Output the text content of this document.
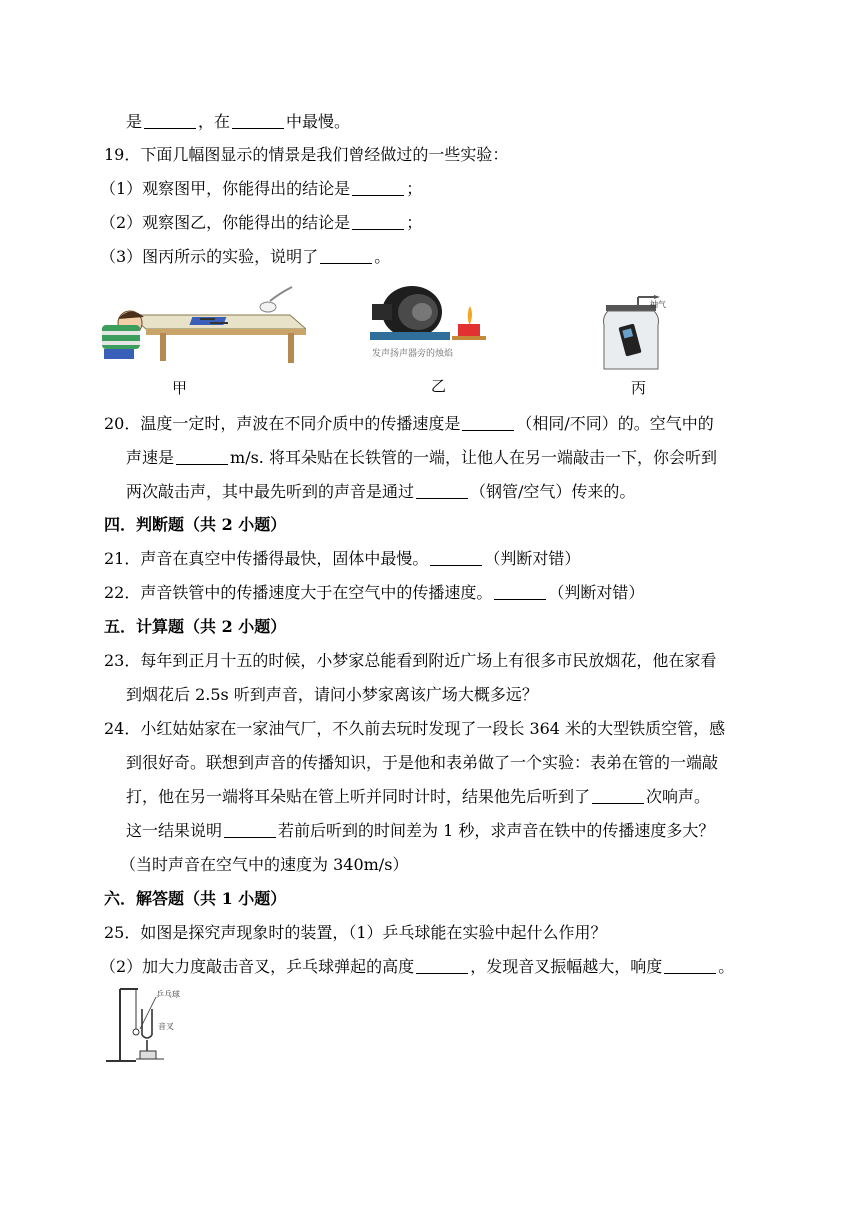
是	，在	中最慢。
19．下面几幅图显示的情景是我们曾经做过的一些实验：
（1）观察图甲，你能得出的结论是	；
（2）观察图乙，你能得出的结论是	；
（3）图丙所示的实验，说明了	。
甲
发声扬声器旁的烛焰
乙
抽气
丙
20．温度一定时，声波在不同介质中的传播速度是	（相同/不同）的。空气中的
声速是	m/s. 将耳朵贴在长铁管的一端，让他人在另一端敲击一下，你会听到
两次敲击声，其中最先听到的声音是通过	（钢管/空气）传来的。
四．判断题（共 2 小题）
21．声音在真空中传播得最快，固体中最慢。	（判断对错）
22．声音铁管中的传播速度大于在空气中的传播速度。	（判断对错）
五．计算题（共 2 小题）
23．每年到正月十五的时候，小梦家总能看到附近广场上有很多市民放烟花，他在家看
到烟花后 2.5s 听到声音，请问小梦家离该广场大概多远？
24．小红姑姑家在一家油气厂，不久前去玩时发现了一段长 364 米的大型铁质空管，感
到很好奇。联想到声音的传播知识，于是他和表弟做了一个实验：表弟在管的一端敲
打，他在另一端将耳朵贴在管上听并同时计时，结果他先后听到了	次响声。
这一结果说明	若前后听到的时间差为 1 秒，求声音在铁中的传播速度多大？
（当时声音在空气中的速度为 340m/s）
六．解答题（共 1 小题）
25．如图是探究声现象时的装置，（1）乒乓球能在实验中起什么作用？
（2）加大力度敲击音叉，乒乓球弹起的高度	，发现音叉振幅越大，响度	。
乒乓球
音叉
